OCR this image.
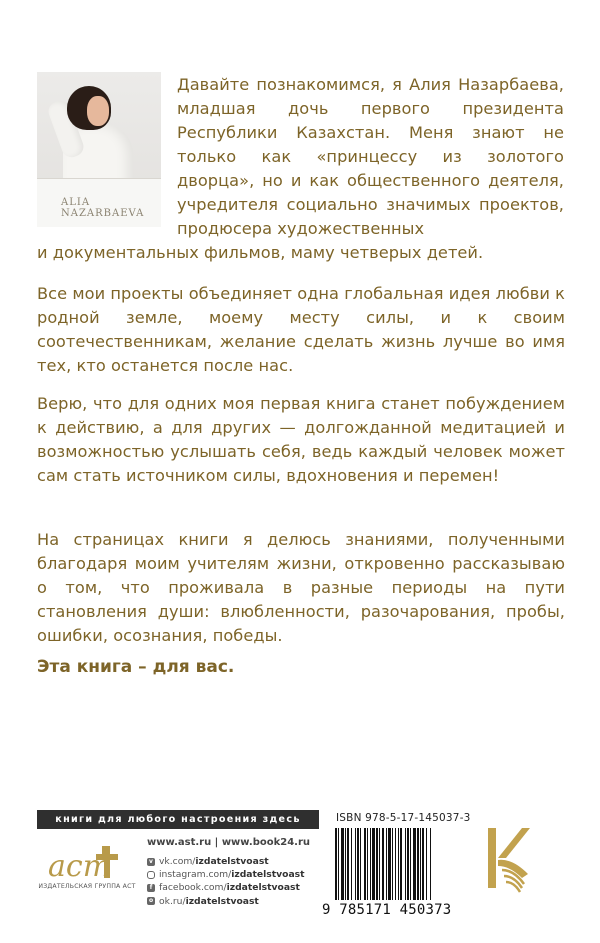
ALIA NAZARBAEVA

Давайте познакомимся, я Алия Назарбаева, младшая дочь первого президента Республики Казахстан. Меня знают не только как «принцессу из золотого дворца», но и как общественного деятеля, учредителя социально значимых проектов, продюсера художественных

и документальных фильмов, маму четверых детей.

Все мои проекты объединяет одна глобальная идея любви к родной земле, моему месту силы, и к своим соотечественникам, желание сделать жизнь лучше во имя тех, кто останется после нас.

Верю, что для одних моя первая книга станет побуждением к действию, а для других — долгожданной медитацией и возможностью услышать себя, ведь каждый человек может сам стать источником силы, вдохновения и перемен!

На страницах книги я делюсь знаниями, полученными благодаря моим учителям жизни, откровенно рассказываю о том, что проживала в разные периоды на пути становления души: влюбленности, разочарования, пробы, ошибки, осознания, победы.

Эта книга – для вас.

книги для любого настроения здесь
аст
ИЗДАТЕЛЬСКАЯ ГРУППА АСТ
www.ast.ru | www.book24.ru
v vk.com/ izdatelstvoast
instagram.com/ izdatelstvoast
f facebook.com/ izdatelstvoast
o ok.ru/ izdatelstvoast
ISBN 978-5-17-145037-3
9 785171 450373
